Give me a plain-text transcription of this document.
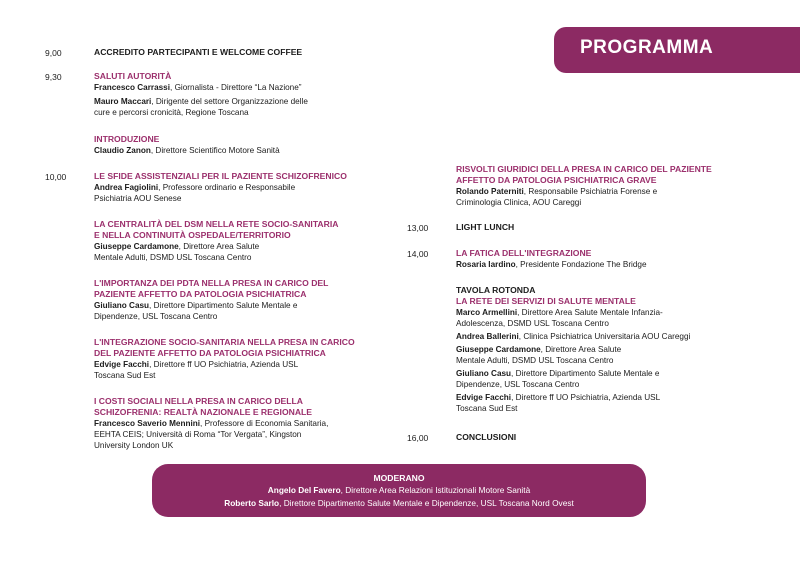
PROGRAMMA
9,00	ACCREDITO PARTECIPANTI E WELCOME COFFEE
9,30	SALUTI AUTORITÀ
Francesco Carrassi, Giornalista - Direttore “La Nazione”
Mauro Maccari, Dirigente del settore Organizzazione delle
cure e percorsi cronicità, Regione Toscana
INTRODUZIONE
Claudio Zanon, Direttore Scientifico Motore Sanità
10,00	LE SFIDE ASSISTENZIALI PER IL PAZIENTE SCHIZOFRENICO
Andrea Fagiolini, Professore ordinario e Responsabile
Psichiatria AOU Senese
LA CENTRALITÀ DEL DSM NELLA RETE SOCIO-SANITARIA
E NELLA CONTINUITÀ OSPEDALE/TERRITORIO
Giuseppe Cardamone, Direttore Area Salute
Mentale Adulti, DSMD USL Toscana Centro
L'IMPORTANZA DEI PDTA NELLA PRESA IN CARICO DEL
PAZIENTE AFFETTO DA PATOLOGIA PSICHIATRICA
Giuliano Casu, Direttore Dipartimento Salute Mentale e
Dipendenze, USL Toscana Centro
L'INTEGRAZIONE SOCIO-SANITARIA NELLA PRESA IN CARICO
DEL PAZIENTE AFFETTO DA PATOLOGIA PSICHIATRICA
Edvige Facchi, Direttore ff UO Psichiatria, Azienda USL
Toscana Sud Est
I COSTI SOCIALI NELLA PRESA IN CARICO DELLA
SCHIZOFRENIA: REALTÀ NAZIONALE E REGIONALE
Francesco Saverio Mennini, Professore di Economia Sanitaria,
EEHTA CEIS; Università di Roma “Tor Vergata”, Kingston
University London UK
RISVOLTI GIURIDICI DELLA PRESA IN CARICO DEL PAZIENTE
AFFETTO DA PATOLOGIA PSICHIATRICA GRAVE
Rolando Paterniti, Responsabile Psichiatria Forense e
Criminologia Clinica, AOU Careggi
13,00	LIGHT LUNCH
14,00	LA FATICA DELL'INTEGRAZIONE
Rosaria Iardino, Presidente Fondazione The Bridge
TAVOLA ROTONDA
LA RETE DEI SERVIZI DI SALUTE MENTALE
Marco Armellini, Direttore Area Salute Mentale Infanzia-
Adolescenza, DSMD USL Toscana Centro
Andrea Ballerini, Clinica Psichiatrica Universitaria AOU Careggi
Giuseppe Cardamone, Direttore Area Salute
Mentale Adulti, DSMD USL Toscana Centro
Giuliano Casu, Direttore Dipartimento Salute Mentale e
Dipendenze, USL Toscana Centro
Edvige Facchi, Direttore ff UO Psichiatria, Azienda USL
Toscana Sud Est
16,00	CONCLUSIONI
MODERANO
Angelo Del Favero, Direttore Area Relazioni Istituzionali Motore Sanità
Roberto Sarlo, Direttore Dipartimento Salute Mentale e Dipendenze, USL Toscana Nord Ovest
